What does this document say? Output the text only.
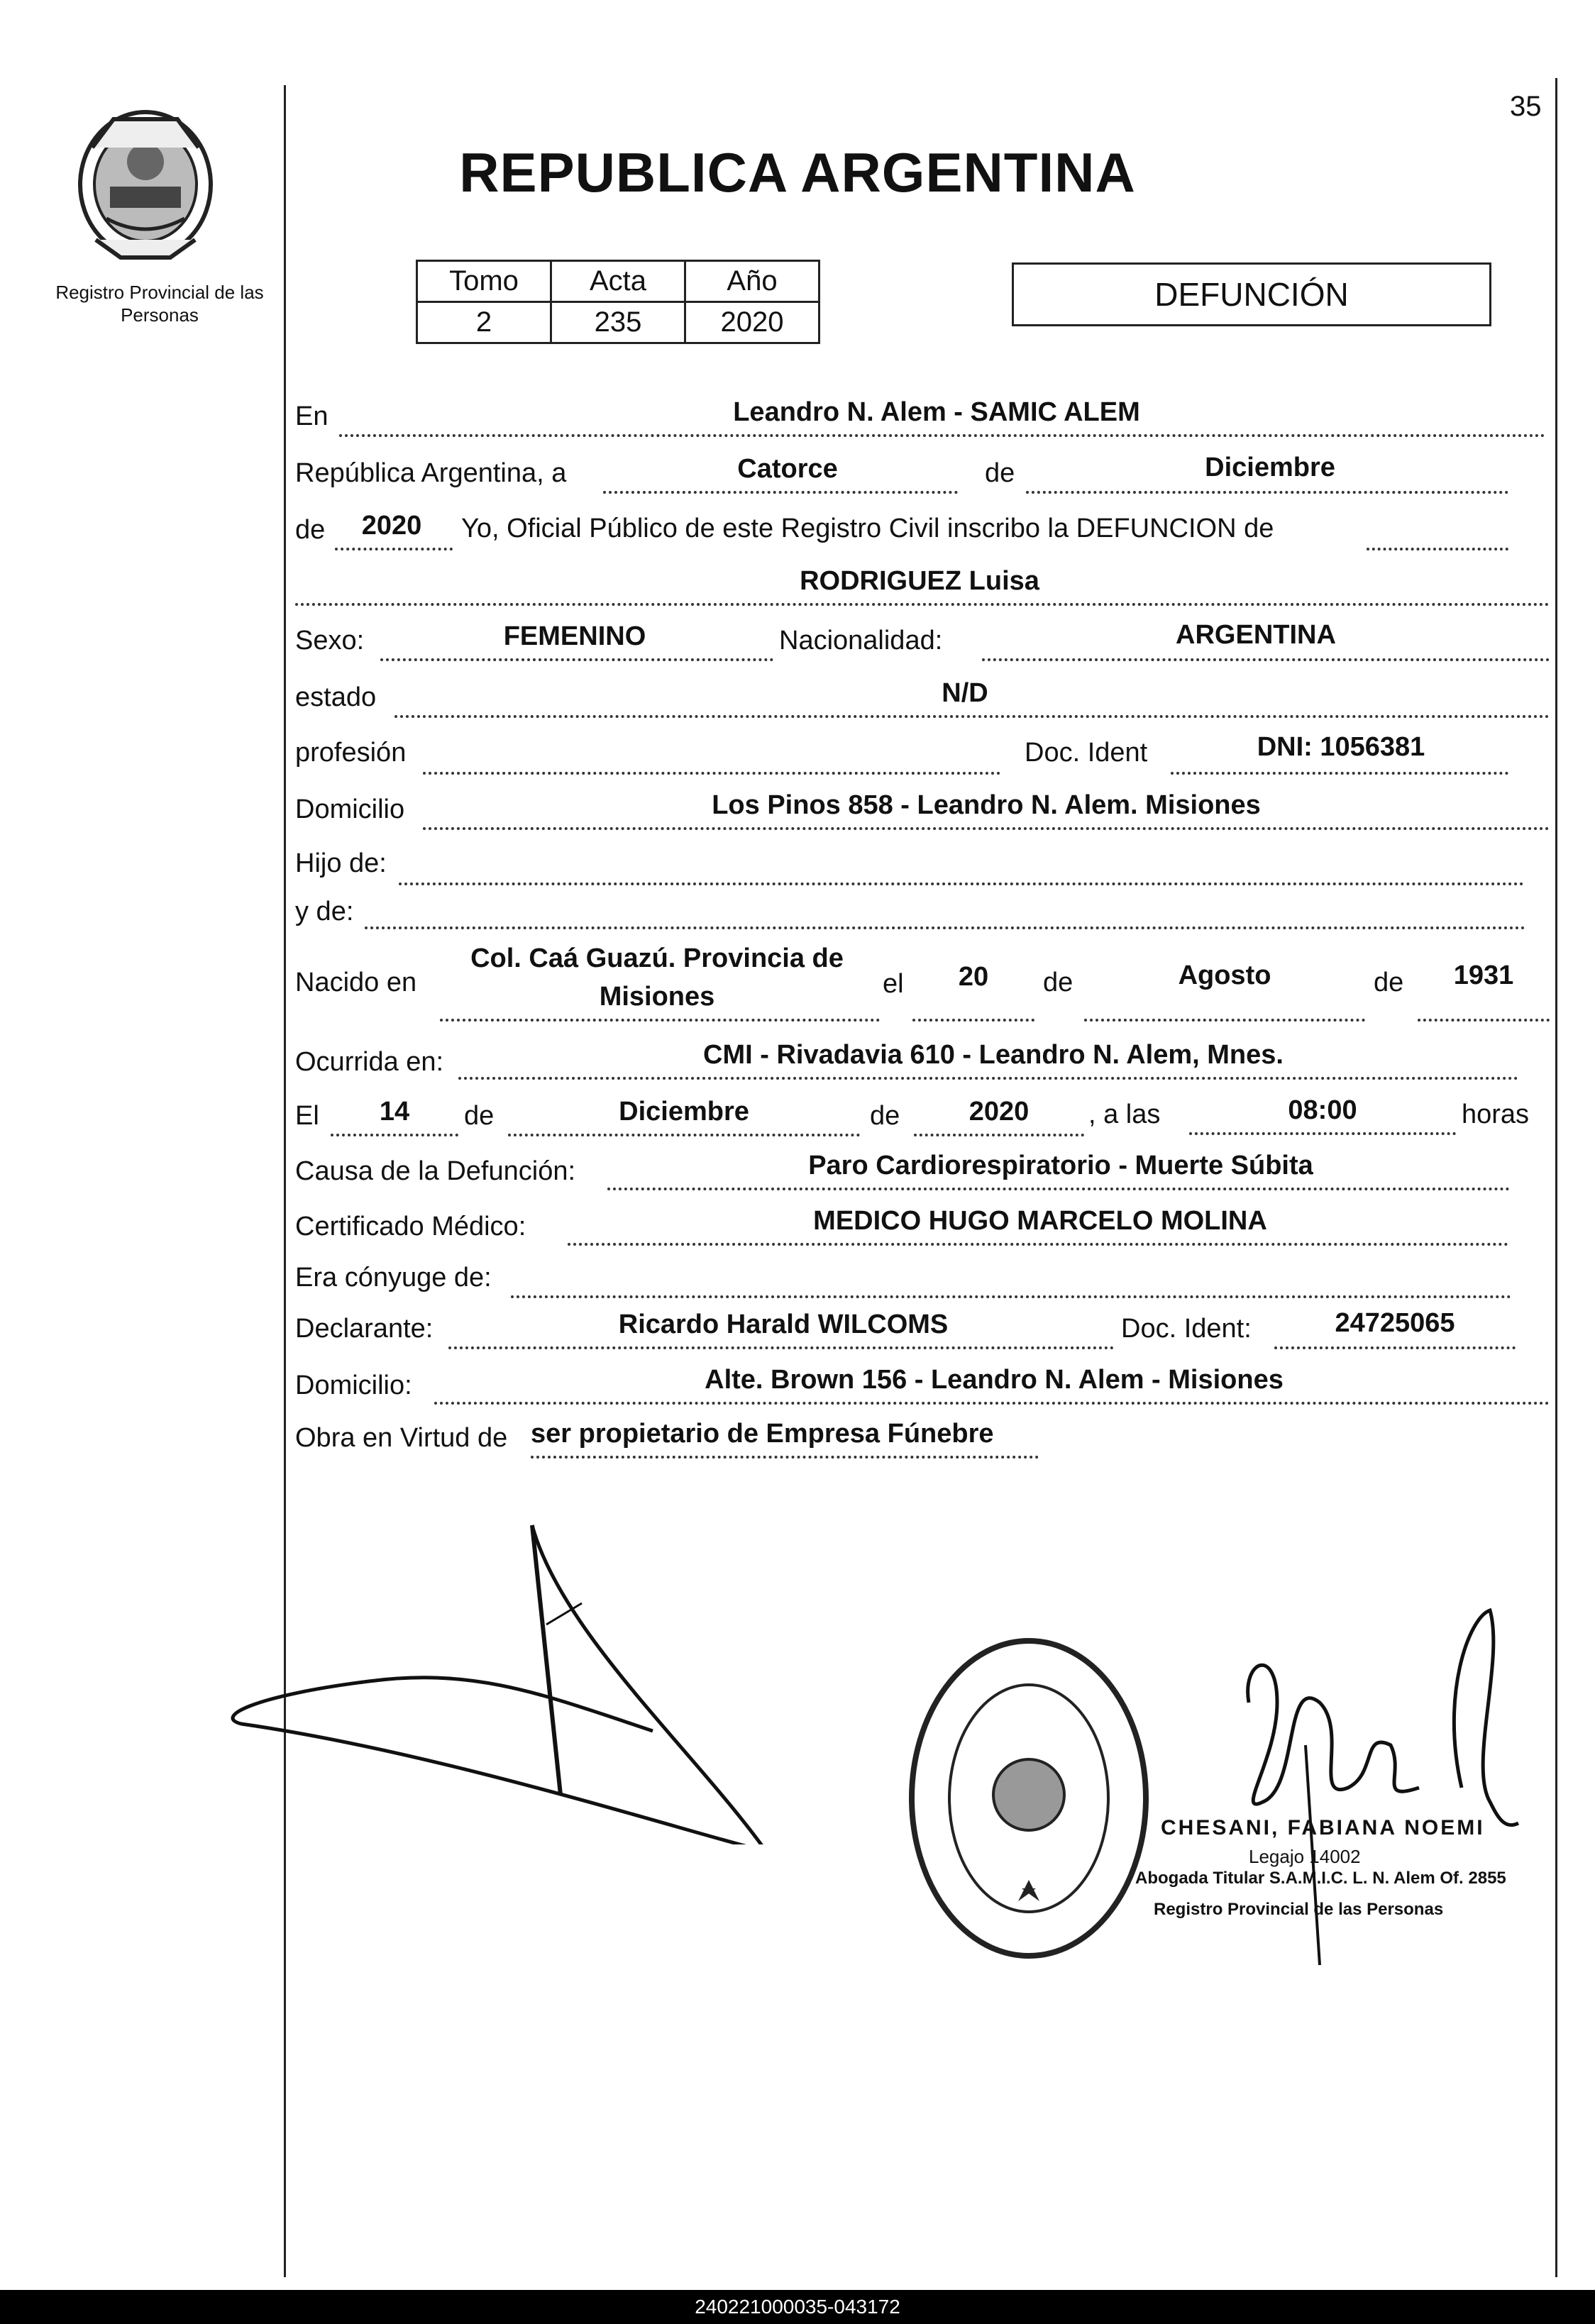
35
Registro Provincial de las Personas
REPUBLICA ARGENTINA
Tomo	Acta	Año
2	235	2020
DEFUNCIÓN
En	Leandro N. Alem - SAMIC ALEM
República Argentina, a	Catorce	de	Diciembre
de	2020	Yo, Oficial Público de este Registro Civil inscribo la DEFUNCION de
RODRIGUEZ Luisa
Sexo:	FEMENINO	Nacionalidad:	ARGENTINA
estado	N/D
profesión	Doc. Ident	DNI: 1056381
Domicilio	Los Pinos 858 - Leandro N. Alem. Misiones
Hijo de:
y de:
Nacido en
Col. Caá Guazú. Provincia de
Misiones	el	20	de	Agosto	de	1931
Ocurrida en:	CMI - Rivadavia 610 - Leandro N. Alem, Mnes.
El	14	de	Diciembre	de	2020	, a las	08:00	horas
Causa de la Defunción:	Paro Cardiorespiratorio - Muerte Súbita
Certificado Médico:	MEDICO HUGO MARCELO MOLINA
Era cónyuge de:
Declarante:	Ricardo Harald WILCOMS	Doc. Ident:	24725065
Domicilio:	Alte. Brown 156 - Leandro N. Alem - Misiones
Obra en Virtud de ser propietario de Empresa Fúnebre
CHESANI, FABIANA NOEMI
Legajo 14002
Abogada Titular S.A.M.I.C. L. N. Alem Of. 2855
Registro Provincial de las Personas
240221000035-043172
